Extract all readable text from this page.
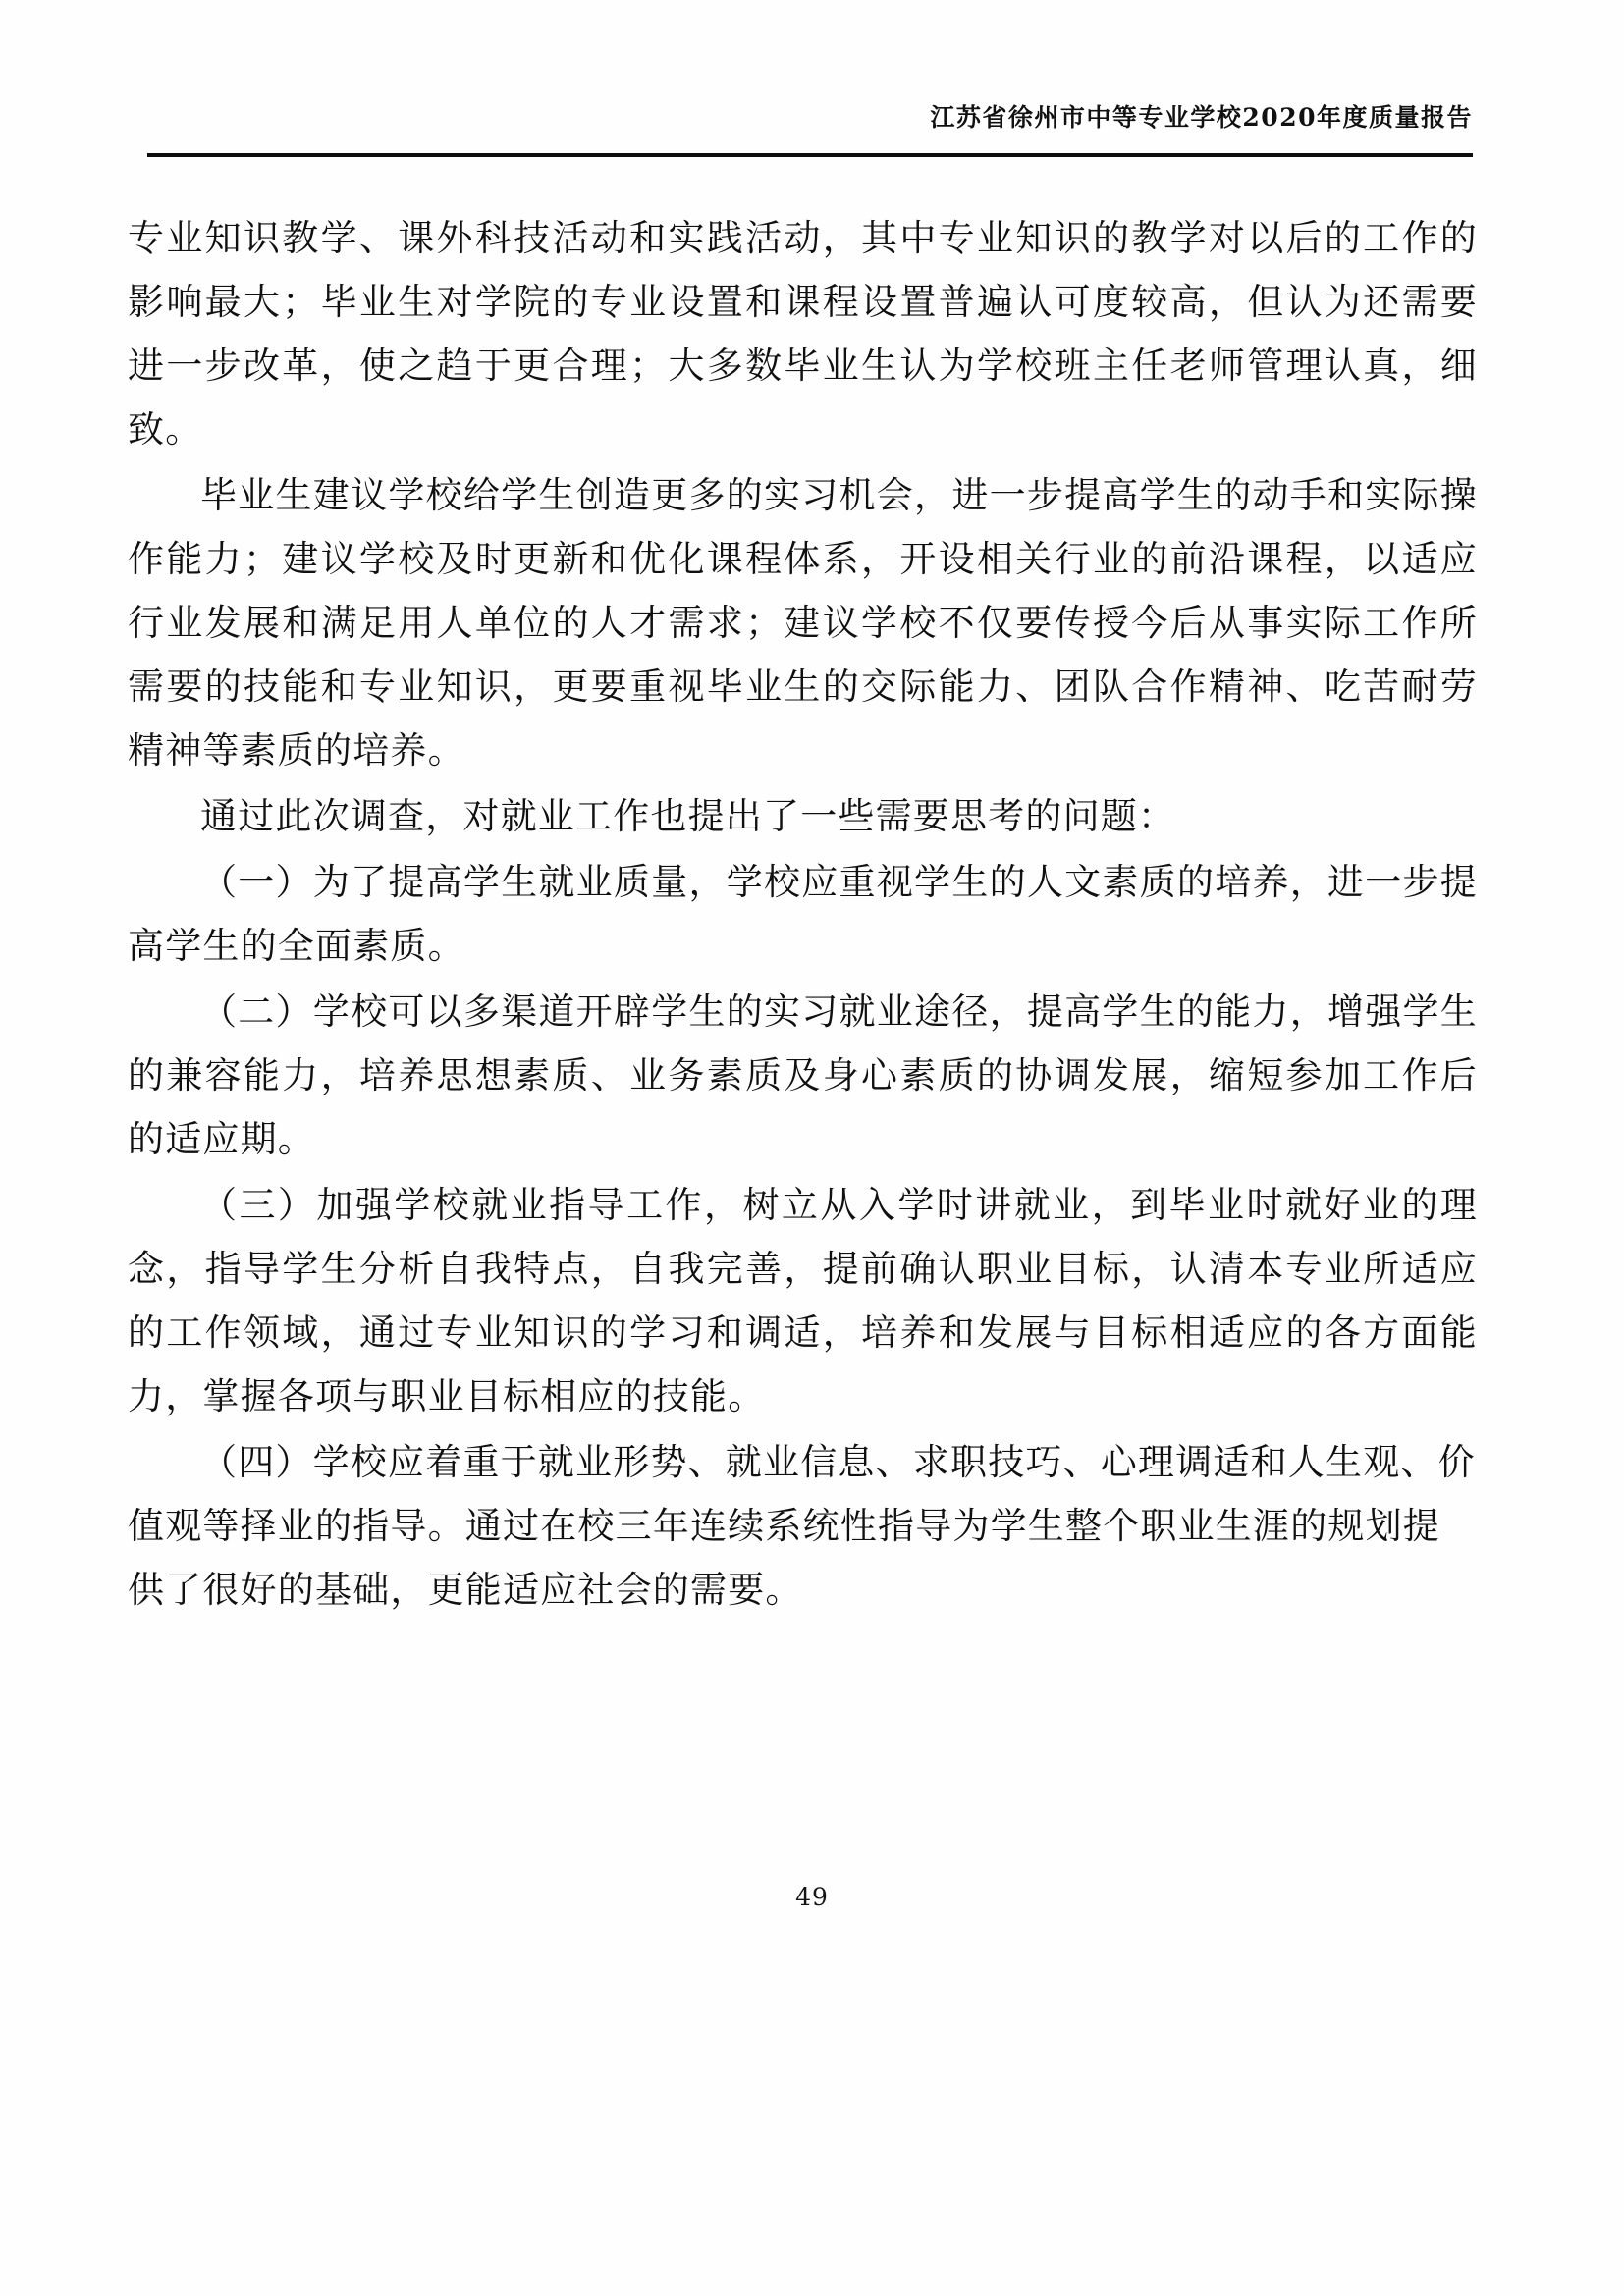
江苏省徐州市中等专业学校2020年度质量报告

专业知识教学、课外科技活动和实践活动，其中专业知识的教学对以后的工作的影响最大；毕业生对学院的专业设置和课程设置普遍认可度较高，但认为还需要进一步改革，使之趋于更合理；大多数毕业生认为学校班主任老师管理认真，细致。

毕业生建议学校给学生创造更多的实习机会，进一步提高学生的动手和实际操作能力；建议学校及时更新和优化课程体系，开设相关行业的前沿课程，以适应行业发展和满足用人单位的人才需求；建议学校不仅要传授今后从事实际工作所需要的技能和专业知识，更要重视毕业生的交际能力、团队合作精神、吃苦耐劳精神等素质的培养。

通过此次调查，对就业工作也提出了一些需要思考的问题：

（一）为了提高学生就业质量，学校应重视学生的人文素质的培养，进一步提高学生的全面素质。

（二）学校可以多渠道开辟学生的实习就业途径，提高学生的能力，增强学生的兼容能力，培养思想素质、业务素质及身心素质的协调发展，缩短参加工作后的适应期。

（三）加强学校就业指导工作，树立从入学时讲就业，到毕业时就好业的理念，指导学生分析自我特点，自我完善，提前确认职业目标，认清本专业所适应的工作领域，通过专业知识的学习和调适，培养和发展与目标相适应的各方面能力，掌握各项与职业目标相应的技能。

（四）学校应着重于就业形势、就业信息、求职技巧、心理调适和人生观、价值观等择业的指导。通过在校三年连续系统性指导为学生整个职业生涯的规划提供了很好的基础，更能适应社会的需要。

49
